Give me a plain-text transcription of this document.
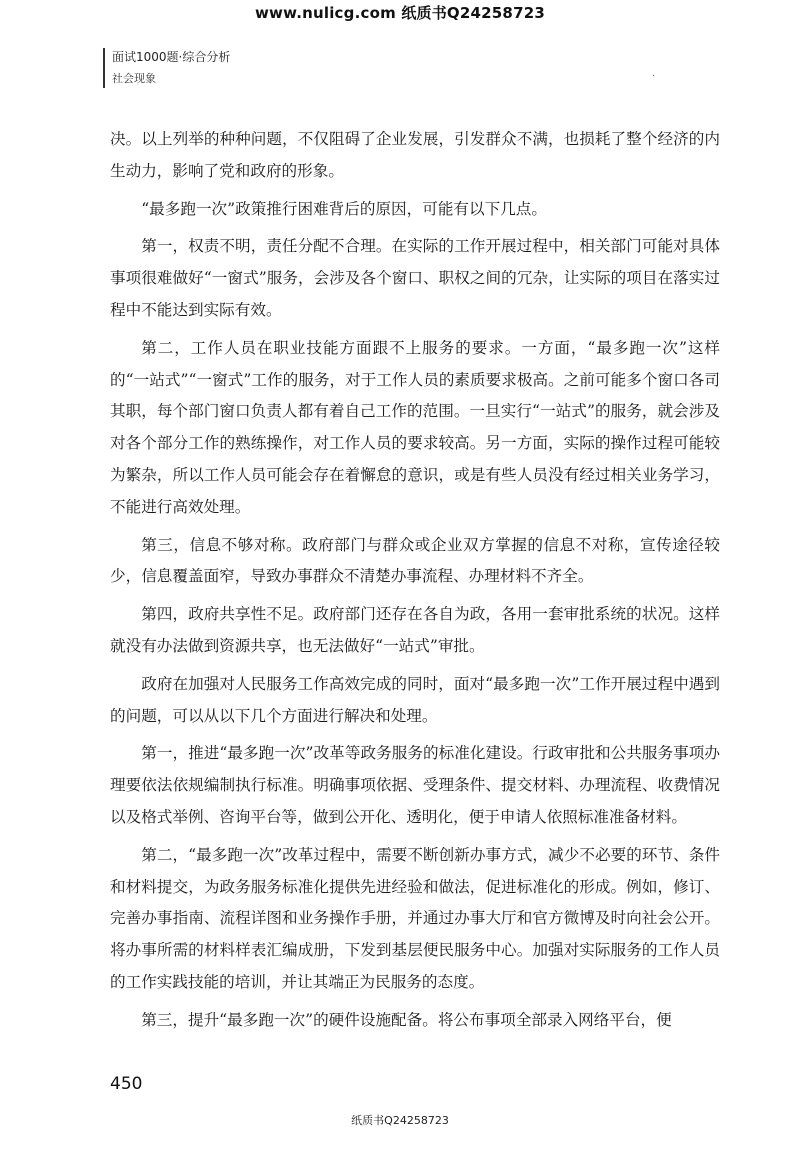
www.nulicg.com 纸质书Q24258723
面试1000题·综合分析
社会现象	.

决。以上列举的种种问题，不仅阻碍了企业发展，引发群众不满，也损耗了整个经济的内生动力，影响了党和政府的形象。

“最多跑一次”政策推行困难背后的原因，可能有以下几点。

第一，权责不明，责任分配不合理。在实际的工作开展过程中，相关部门可能对具体事项很难做好“一窗式”服务，会涉及各个窗口、职权之间的冗杂，让实际的项目在落实过程中不能达到实际有效。

第二，工作人员在职业技能方面跟不上服务的要求。一方面，“最多跑一次”这样的“一站式”“一窗式”工作的服务，对于工作人员的素质要求极高。之前可能多个窗口各司其职，每个部门窗口负责人都有着自己工作的范围。一旦实行“一站式”的服务，就会涉及对各个部分工作的熟练操作，对工作人员的要求较高。另一方面，实际的操作过程可能较为繁杂，所以工作人员可能会存在着懈怠的意识，或是有些人员没有经过相关业务学习，不能进行高效处理。

第三，信息不够对称。政府部门与群众或企业双方掌握的信息不对称，宣传途径较少，信息覆盖面窄，导致办事群众不清楚办事流程、办理材料不齐全。

第四，政府共享性不足。政府部门还存在各自为政，各用一套审批系统的状况。这样就没有办法做到资源共享，也无法做好“一站式”审批。

政府在加强对人民服务工作高效完成的同时，面对“最多跑一次”工作开展过程中遇到的问题，可以从以下几个方面进行解决和处理。

第一，推进“最多跑一次”改革等政务服务的标准化建设。行政审批和公共服务事项办理要依法依规编制执行标准。明确事项依据、受理条件、提交材料、办理流程、收费情况以及格式举例、咨询平台等，做到公开化、透明化，便于申请人依照标准准备材料。

第二，“最多跑一次”改革过程中，需要不断创新办事方式，减少不必要的环节、条件和材料提交，为政务服务标准化提供先进经验和做法，促进标准化的形成。例如，修订、完善办事指南、流程详图和业务操作手册，并通过办事大厅和官方微博及时向社会公开。将办事所需的材料样表汇编成册，下发到基层便民服务中心。加强对实际服务的工作人员的工作实践技能的培训，并让其端正为民服务的态度。

第三，提升“最多跑一次”的硬件设施配备。将公布事项全部录入网络平台，便

450
纸质书Q24258723
